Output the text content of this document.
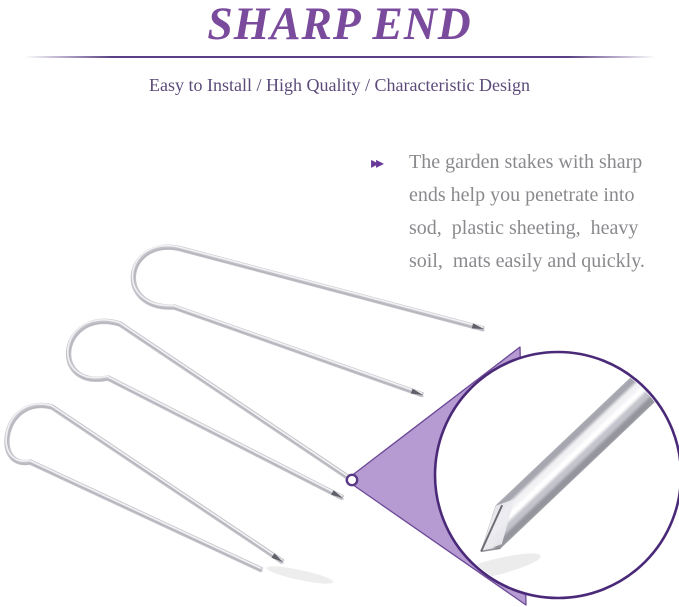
SHARP END

Easy to Install / High Quality / Characteristic Design

▸▸ The garden stakes with sharp
ends help you penetrate into
sod,  plastic sheeting,  heavy
soil,  mats easily and quickly.
